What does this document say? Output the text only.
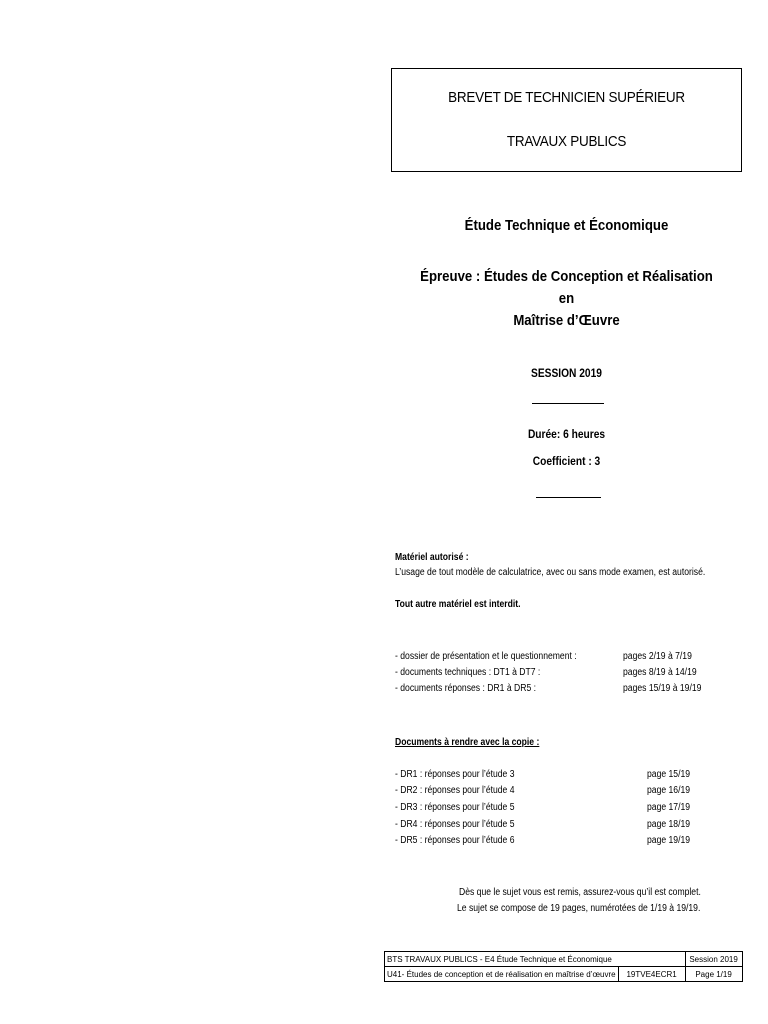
BREVET DE TECHNICIEN SUPÉRIEUR
TRAVAUX PUBLICS
Étude Technique et Économique
Épreuve : Études de Conception et Réalisation en
Maîtrise d’Œuvre
SESSION 2019
Durée: 6 heures
Coefficient : 3
Matériel autorisé :
L’usage de tout modèle de calculatrice, avec ou sans mode examen, est autorisé.
Tout autre matériel est interdit.
- dossier de présentation et le questionnement :	pages 2/19 à 7/19
- documents techniques : DT1 à DT7 :	pages 8/19 à 14/19
- documents réponses : DR1 à DR5 :	pages 15/19 à 19/19
Documents à rendre avec la copie :
- DR1 : réponses pour l’étude 3	page 15/19
- DR2 : réponses pour l’étude 4	page 16/19
- DR3 : réponses pour l’étude 5	page 17/19
- DR4 : réponses pour l’étude 5	page 18/19
- DR5 : réponses pour l’étude 6	page 19/19
Dès que le sujet vous est remis, assurez-vous qu’il est complet.
Le sujet se compose de 19 pages, numérotées de 1/19 à 19/19.
BTS TRAVAUX PUBLICS - E4 Étude Technique et Économique		Session 2019
U41- Études de conception et de réalisation en maîtrise d’œuvre	19TVE4ECR1	Page 1/19
